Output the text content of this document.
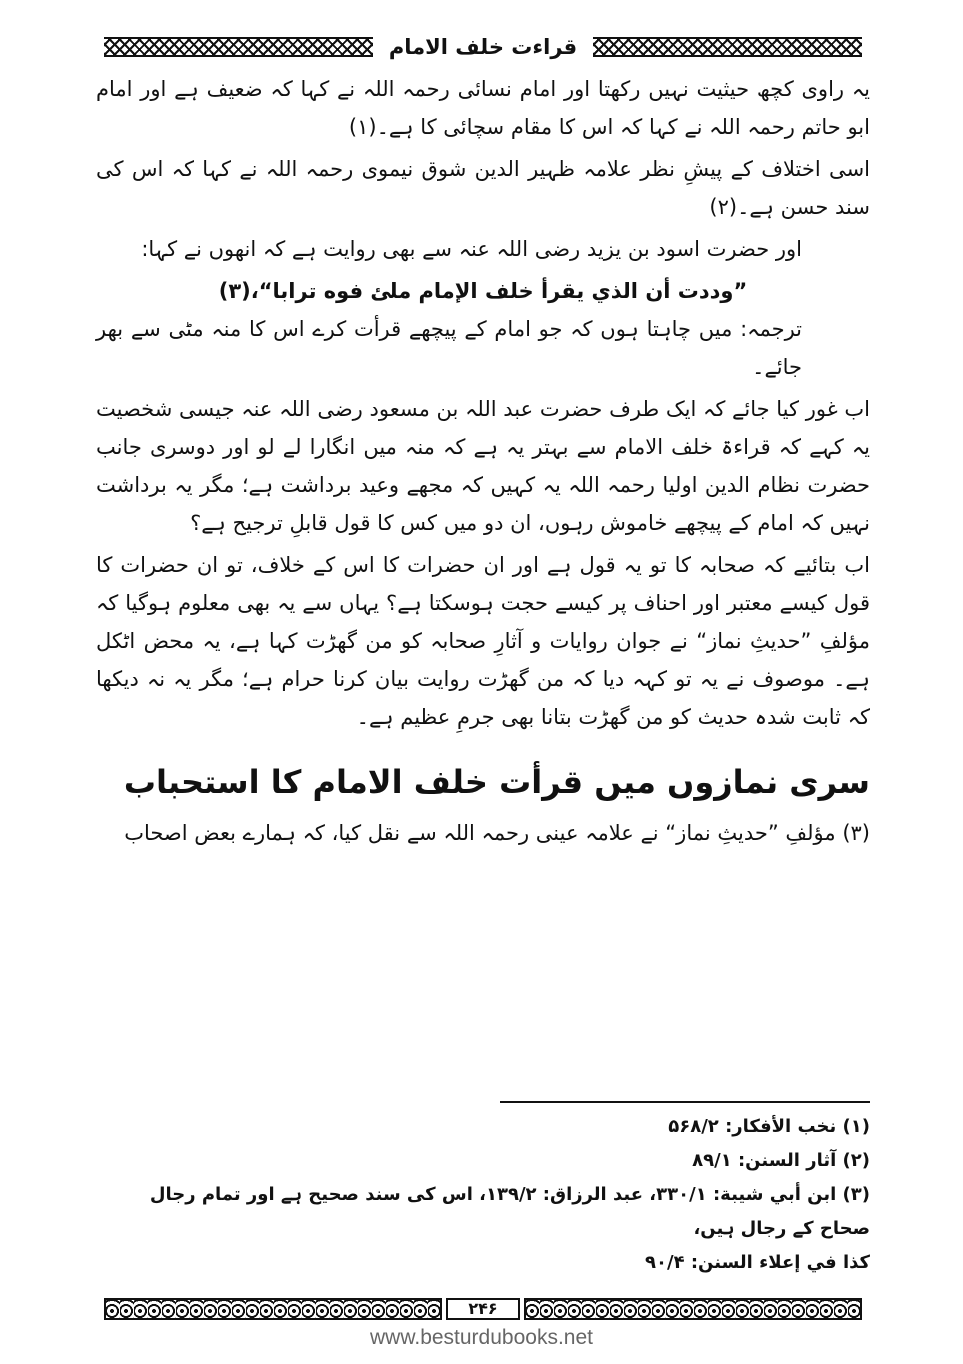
قراءت خلف الامام

یہ راوی کچھ حیثیت نہیں رکھتا اور امام نسائی رحمہ اللہ نے کہا کہ ضعیف ہے اور امام ابو حاتم رحمہ اللہ نے کہا کہ اس کا مقام سچائی کا ہے۔(۱)

اسی اختلاف کے پیشِ نظر علامہ ظہیر الدین شوق نیموی رحمہ اللہ نے کہا کہ اس کی سند حسن ہے۔(۲)

اور حضرت اسود بن یزید رضی اللہ عنہ سے بھی روایت ہے کہ انھوں نے کہا:

”وددت أن الذي يقرأ خلف الإمام ملئ فوه ترابا“،(۳)

ترجمہ: میں چاہتا ہوں کہ جو امام کے پیچھے قرأت کرے اس کا منہ مٹی سے بھر جائے۔

اب غور کیا جائے کہ ایک طرف حضرت عبد اللہ بن مسعود رضی اللہ عنہ جیسی شخصیت یہ کہے کہ قراءۃ خلف الامام سے بہتر یہ ہے کہ منہ میں انگارا لے لو اور دوسری جانب حضرت نظام الدین اولیا رحمہ اللہ یہ کہیں کہ مجھے وعید برداشت ہے؛ مگر یہ برداشت نہیں کہ امام کے پیچھے خاموش رہوں، ان دو میں کس کا قول قابلِ ترجیح ہے؟

اب بتائیے کہ صحابہ کا تو یہ قول ہے اور ان حضرات کا اس کے خلاف، تو ان حضرات کا قول کیسے معتبر اور احناف پر کیسے حجت ہوسکتا ہے؟ یہاں سے یہ بھی معلوم ہوگیا کہ مؤلفِ ”حدیثِ نماز“ نے جوان روایات و آثارِ صحابہ کو من گھڑت کہا ہے، یہ محض اٹکل ہے۔ موصوف نے یہ تو کہہ دیا کہ من گھڑت روایت بیان کرنا حرام ہے؛ مگر یہ نہ دیکھا کہ ثابت شدہ حدیث کو من گھڑت بتانا بھی جرمِ عظیم ہے۔

سری نمازوں میں قرأت خلف الامام کا استحباب

(۳) مؤلفِ ”حدیثِ نماز“ نے علامہ عینی رحمہ اللہ سے نقل کیا، کہ ہمارے بعض اصحاب

(۱) نخب الأفكار: ۵۶۸/۲
(۲) آثار السنن: ۸۹/۱
(۳) ابن أبي شيبة: ۳۳۰/۱، عبد الرزاق: ۱۳۹/۲، اس کی سند صحیح ہے اور تمام رجال صحاح کے رجال ہیں،
كذا في إعلاء السنن: ۹۰/۴
۲۴۶
www.besturdubooks.net
